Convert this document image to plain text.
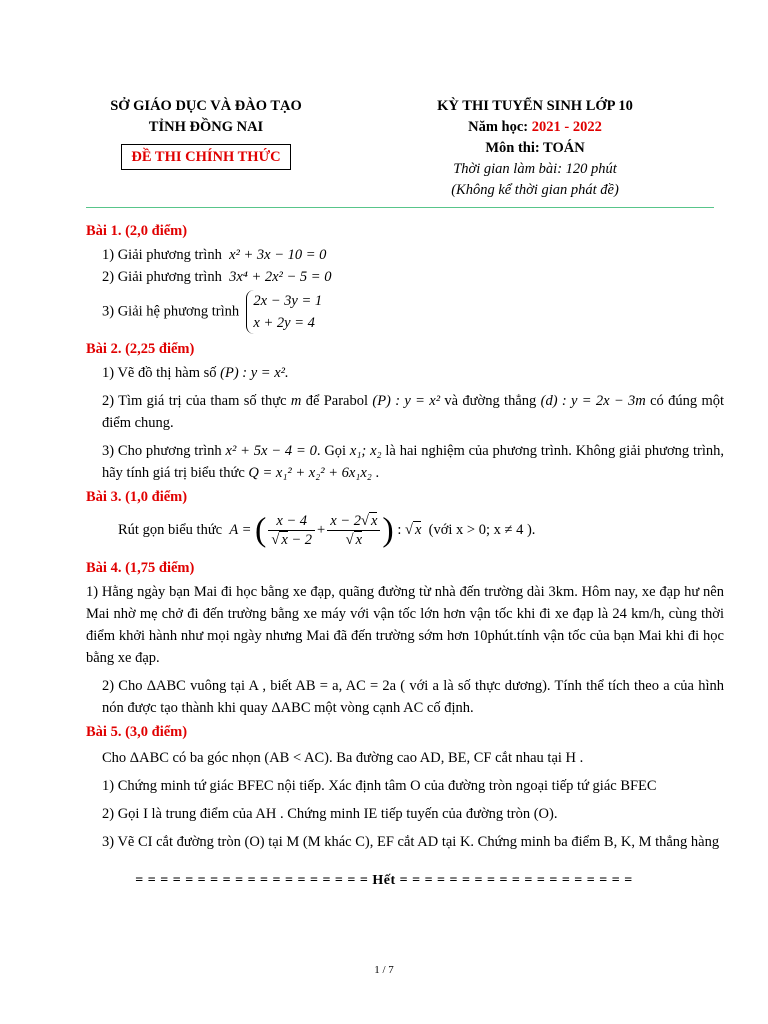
SỞ GIÁO DỤC VÀ ĐÀO TẠO
TỈNH ĐỒNG NAI
ĐỀ THI CHÍNH THỨC
KỲ THI TUYỂN SINH LỚP 10
Năm học: 2021 - 2022
Môn thi: TOÁN
Thời gian làm bài: 120 phút
(Không kể thời gian phát đề)
Bài 1. (2,0 điểm)
1) Giải phương trình x² + 3x − 10 = 0
2) Giải phương trình 3x⁴ + 2x² − 5 = 0
3) Giải hệ phương trình
2x − 3y = 1
x + 2y = 4
Bài 2. (2,25 điểm)
1) Vẽ đồ thị hàm số (P) : y = x².
2) Tìm giá trị của tham số thực m để Parabol (P) : y = x² và đường thẳng (d) : y = 2x − 3m có đúng một điểm chung.
3) Cho phương trình x² + 5x − 4 = 0. Gọi x₁; x₂ là hai nghiệm của phương trình. Không giải phương trình, hãy tính giá trị biểu thức Q = x₁² + x₂² + 6x₁x₂ .
Bài 3. (1,0 điểm)
Rút gọn biểu thức A = ( $\frac{x - 4}{√ x - 2} + \frac{x - 2√ x}{√ x}$ ) : √ x (với x > 0; x ≠ 4 ).
Bài 4. (1,75 điểm)
1) Hằng ngày bạn Mai đi học bằng xe đạp, quãng đường từ nhà đến trường dài 3km. Hôm nay, xe đạp hư nên Mai nhờ mẹ chở đi đến trường bằng xe máy với vận tốc lớn hơn vận tốc khi đi xe đạp là 24 km/h, cùng thời điểm khởi hành như mọi ngày nhưng Mai đã đến trường sớm hơn 10phút.tính vận tốc của bạn Mai khi đi học bằng xe đạp.
2) Cho ΔABC vuông tại A , biết AB = a, AC = 2a ( với a là số thực dương). Tính thể tích theo a của hình nón được tạo thành khi quay ΔABC một vòng cạnh AC cố định.
Bài 5. (3,0 điểm)
Cho ΔABC có ba góc nhọn (AB < AC). Ba đường cao AD, BE, CF cắt nhau tại H .
1) Chứng minh tứ giác BFEC nội tiếp. Xác định tâm O của đường tròn ngoại tiếp tứ giác BFEC
2) Gọi I là trung điểm của AH . Chứng minh IE tiếp tuyến của đường tròn (O).
3) Vẽ CI cắt đường tròn (O) tại M (M khác C), EF cắt AD tại K. Chứng minh ba điểm B, K, M thẳng hàng
= = = = = = = = = = = = = = = = = = = Hết = = = = = = = = = = = = = = = = = = =
1 / 7
